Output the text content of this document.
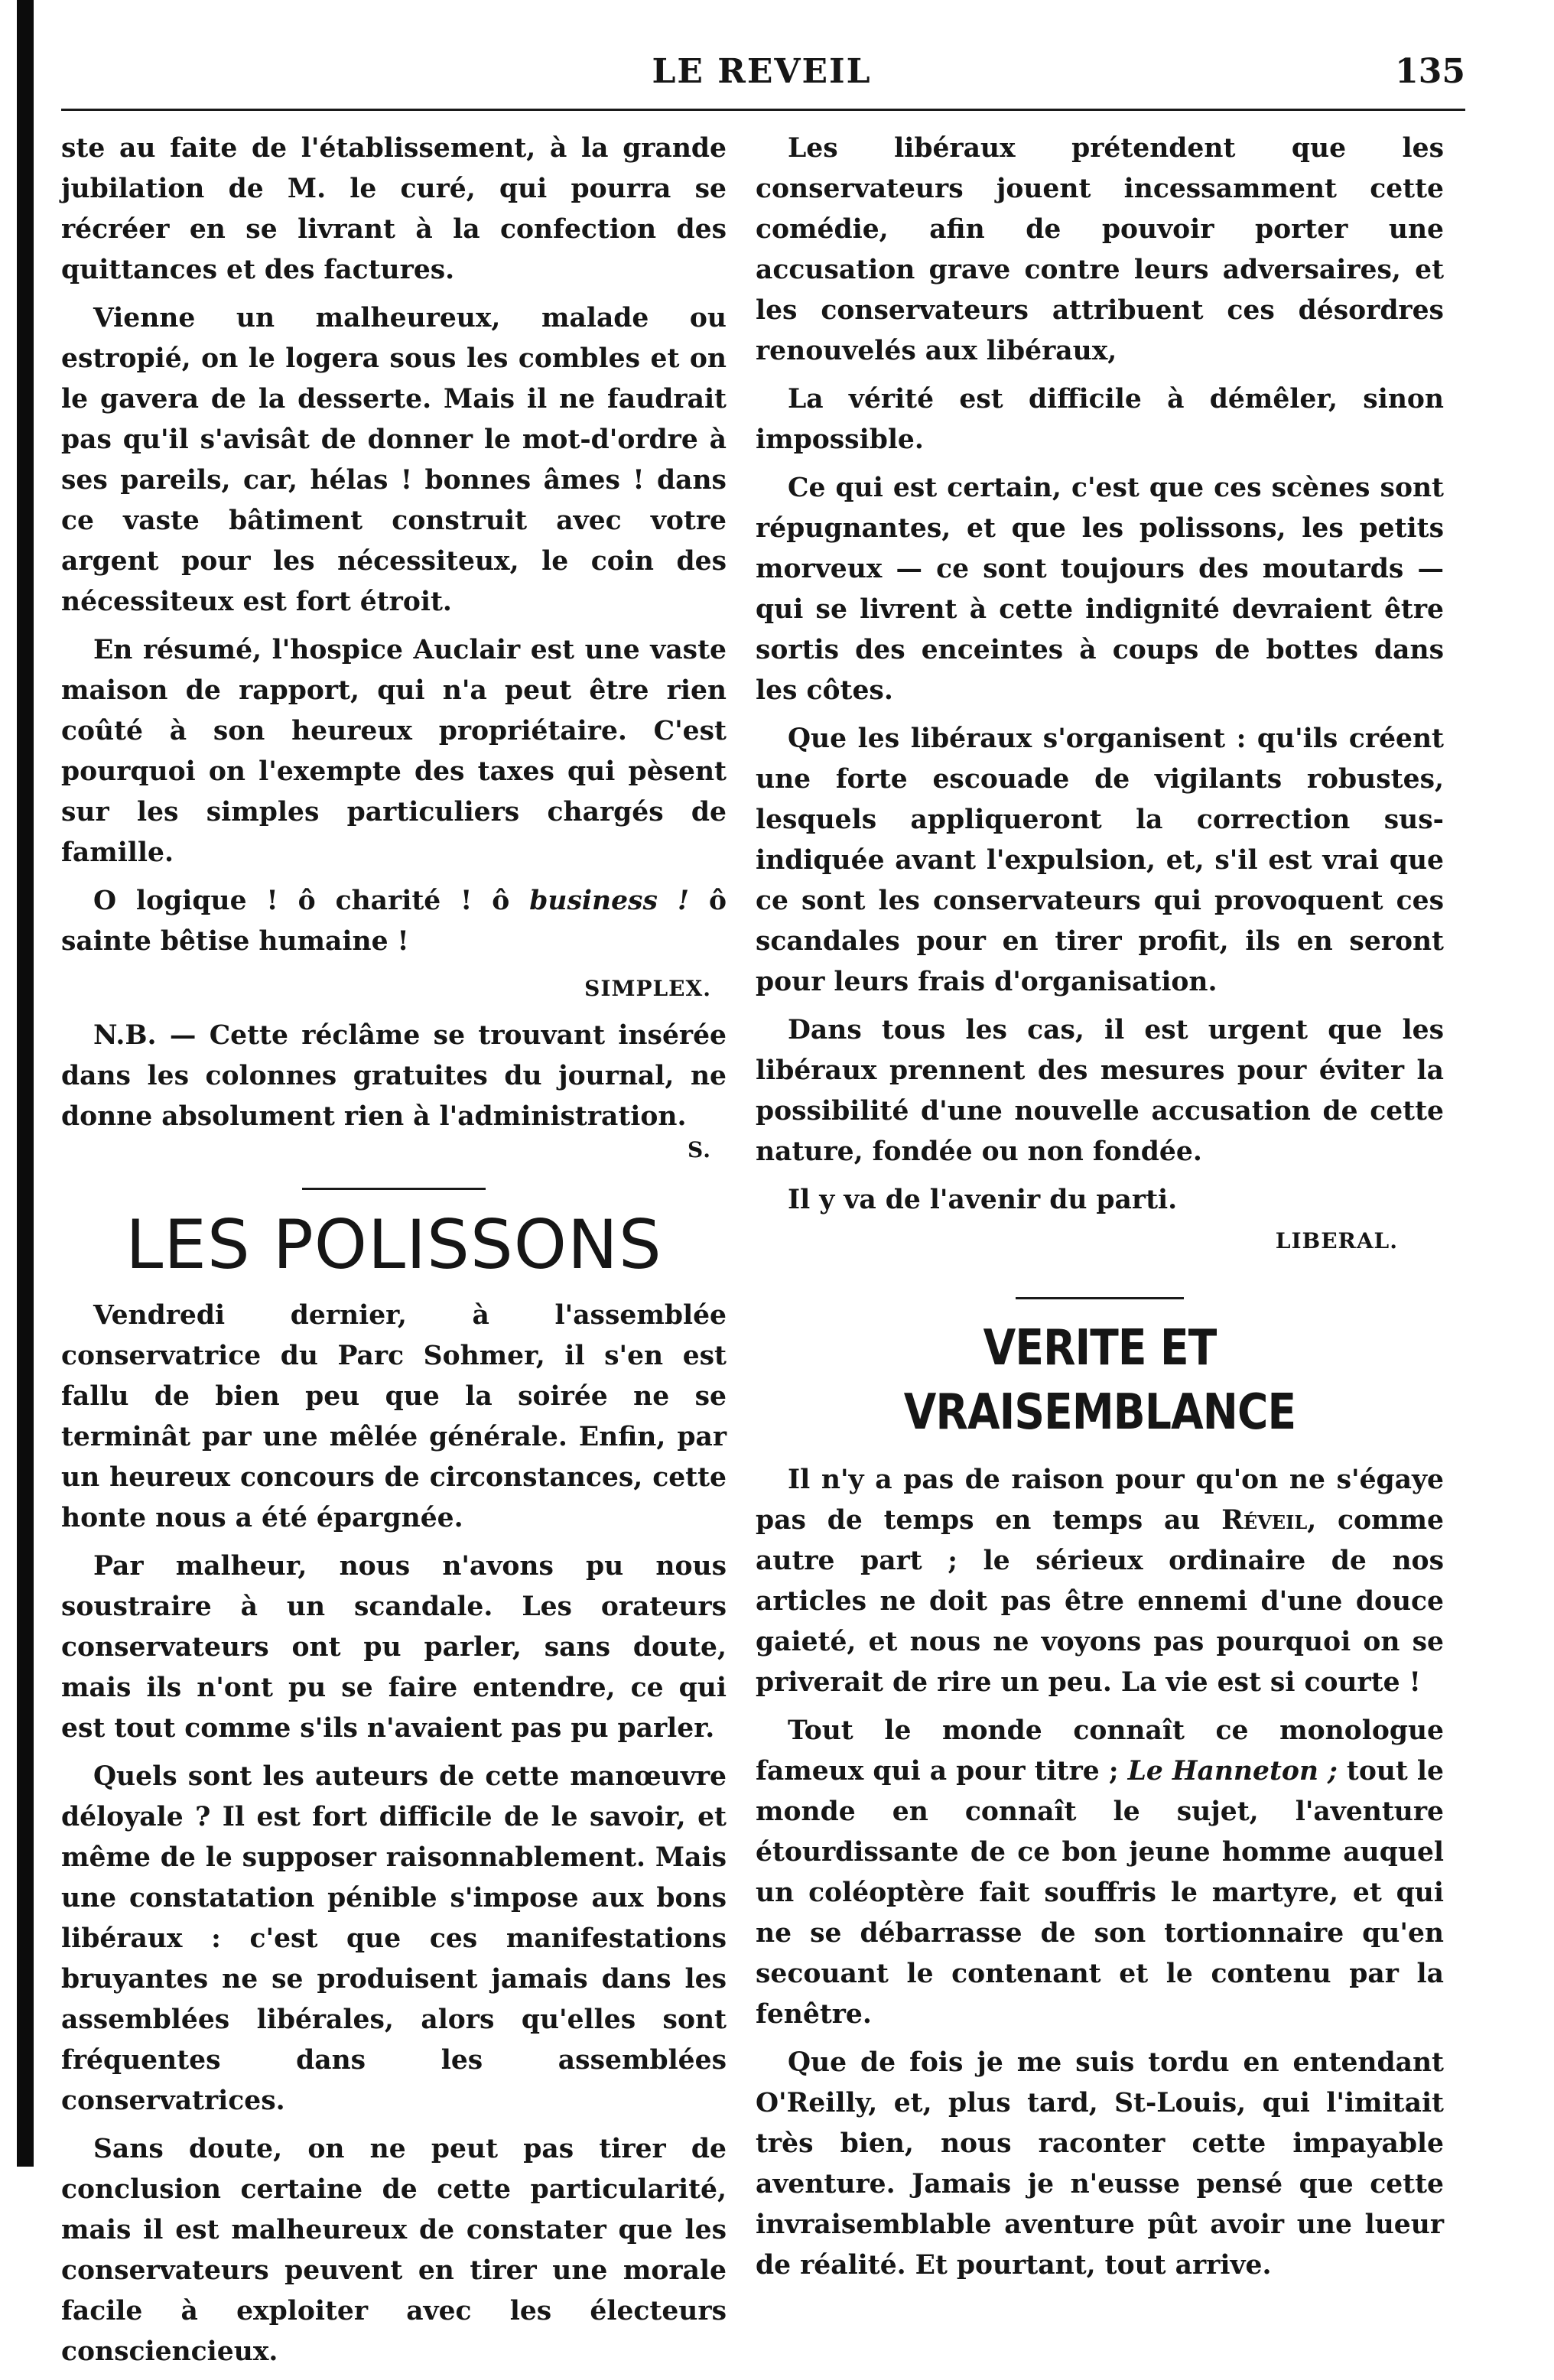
LE REVEIL	135

ste au faite de l'établissement, à la grande jubilation de M. le curé, qui pourra se récréer en se livrant à la confection des quittances et des factures.

Vienne un malheureux, malade ou estropié, on le logera sous les combles et on le gavera de la desserte. Mais il ne faudrait pas qu'il s'avisât de donner le mot-d'ordre à ses pareils, car, hélas ! bonnes âmes ! dans ce vaste bâtiment construit avec votre argent pour les nécessiteux, le coin des nécessiteux est fort étroit.

En résumé, l'hospice Auclair est une vaste maison de rapport, qui n'a peut être rien coûté à son heureux propriétaire. C'est pourquoi on l'exempte des taxes qui pèsent sur les simples particuliers chargés de famille.

O logique ! ô charité ! ô business ! ô sainte bêtise humaine !

SIMPLEX.

N.B. — Cette réclâme se trouvant insérée dans les colonnes gratuites du journal, ne donne absolument rien à l'administration.

S.
LES POLISSONS

Vendredi dernier, à l'assemblée conservatrice du Parc Sohmer, il s'en est fallu de bien peu que la soirée ne se terminât par une mêlée générale. Enfin, par un heureux concours de circonstances, cette honte nous a été épargnée.

Par malheur, nous n'avons pu nous soustraire à un scandale. Les orateurs conservateurs ont pu parler, sans doute, mais ils n'ont pu se faire entendre, ce qui est tout comme s'ils n'avaient pas pu parler.

Quels sont les auteurs de cette manœuvre déloyale ? Il est fort difficile de le savoir, et même de le supposer raisonnablement. Mais une constatation pénible s'impose aux bons libéraux : c'est que ces manifestations bruyantes ne se produisent jamais dans les assemblées libérales, alors qu'elles sont fréquentes dans les assemblées conservatrices.

Sans doute, on ne peut pas tirer de conclusion certaine de cette particularité, mais il est malheureux de constater que les conservateurs peuvent en tirer une morale facile à exploiter avec les électeurs consciencieux.

Les libéraux prétendent que les conservateurs jouent incessamment cette comédie, afin de pouvoir porter une accusation grave contre leurs adversaires, et les conservateurs attribuent ces désordres renouvelés aux libéraux,

La vérité est difficile à démêler, sinon impossible.

Ce qui est certain, c'est que ces scènes sont répugnantes, et que les polissons, les petits morveux — ce sont toujours des moutards — qui se livrent à cette indignité devraient être sortis des enceintes à coups de bottes dans les côtes.

Que les libéraux s'organisent : qu'ils créent une forte escouade de vigilants robustes, lesquels appliqueront la correction sus-indiquée avant l'expulsion, et, s'il est vrai que ce sont les conservateurs qui provoquent ces scandales pour en tirer profit, ils en seront pour leurs frais d'organisation.

Dans tous les cas, il est urgent que les libéraux prennent des mesures pour éviter la possibilité d'une nouvelle accusation de cette nature, fondée ou non fondée.

Il y va de l'avenir du parti.

LIBERAL.
VERITE ET VRAISEMBLANCE

Il n'y a pas de raison pour qu'on ne s'égaye pas de temps en temps au Réveil, comme autre part ; le sérieux ordinaire de nos articles ne doit pas être ennemi d'une douce gaieté, et nous ne voyons pas pourquoi on se priverait de rire un peu. La vie est si courte !

Tout le monde connaît ce monologue fameux qui a pour titre ; Le Hanneton ; tout le monde en connaît le sujet, l'aventure étourdissante de ce bon jeune homme auquel un coléoptère fait souffris le martyre, et qui ne se débarrasse de son tortionnaire qu'en secouant le contenant et le contenu par la fenêtre.

Que de fois je me suis tordu en entendant O'Reilly, et, plus tard, St-Louis, qui l'imitait très bien, nous raconter cette impayable aventure. Jamais je n'eusse pensé que cette invraisemblable aventure pût avoir une lueur de réalité. Et pourtant, tout arrive.
